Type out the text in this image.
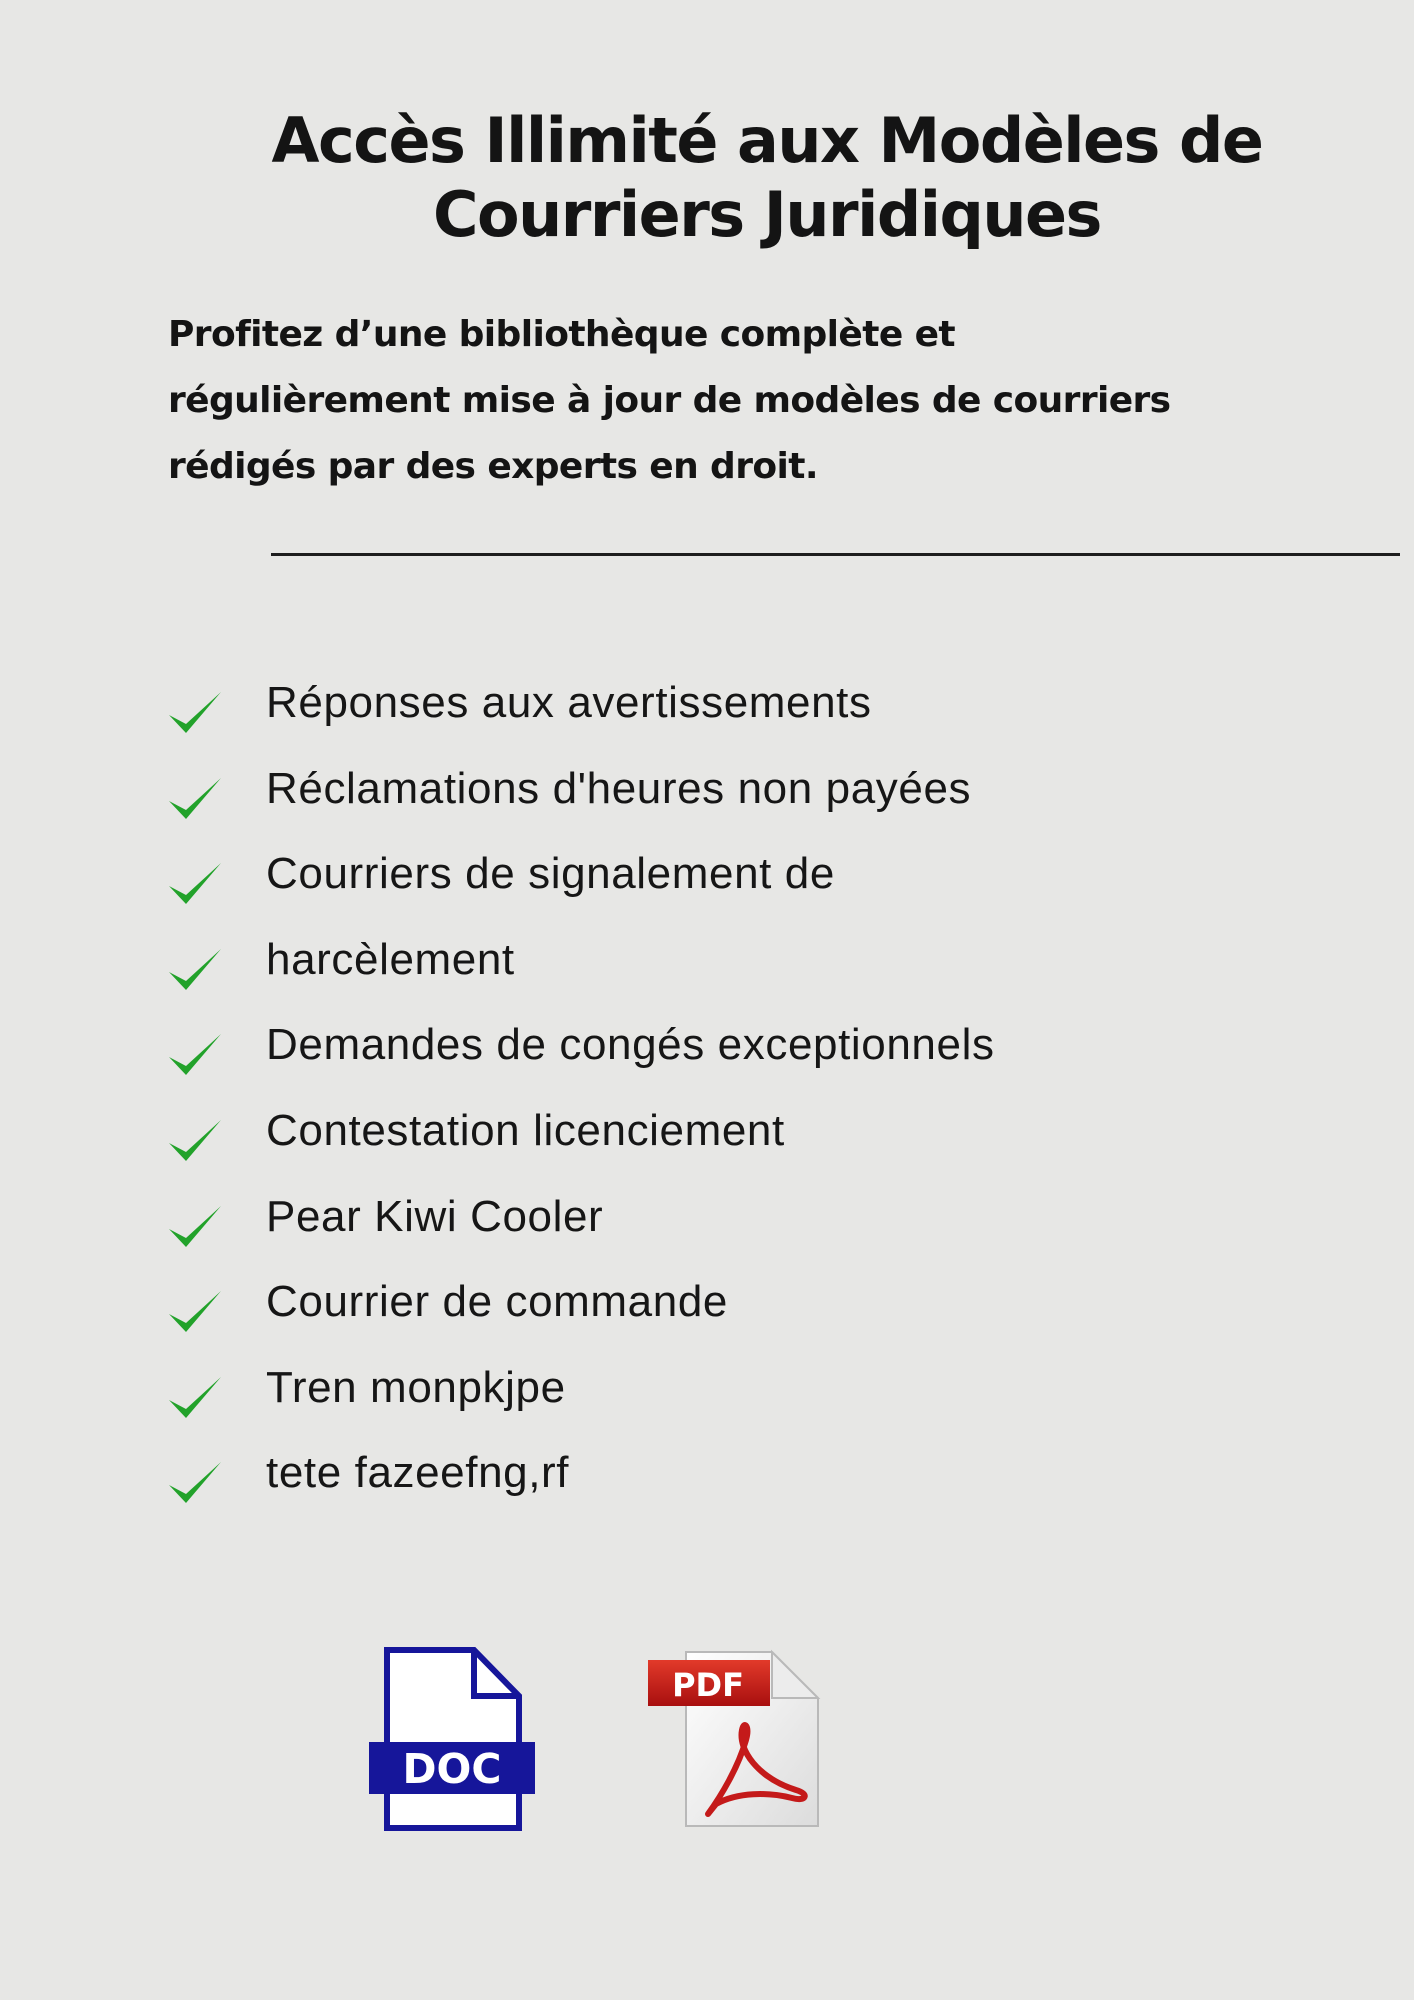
Accès Illimité aux Modèles de
Courriers Juridiques

Profitez d’une bibliothèque complète et
régulièrement mise à jour de modèles de courriers
rédigés par des experts en droit.

Réponses aux avertissements
Réclamations d'heures non payées
Courriers de signalement de
harcèlement
Demandes de congés exceptionnels
Contestation licenciement
Pear Kiwi Cooler
Courrier de commande
Tren monpkjpe
tete fazeefng,rf
DOC
PDF
